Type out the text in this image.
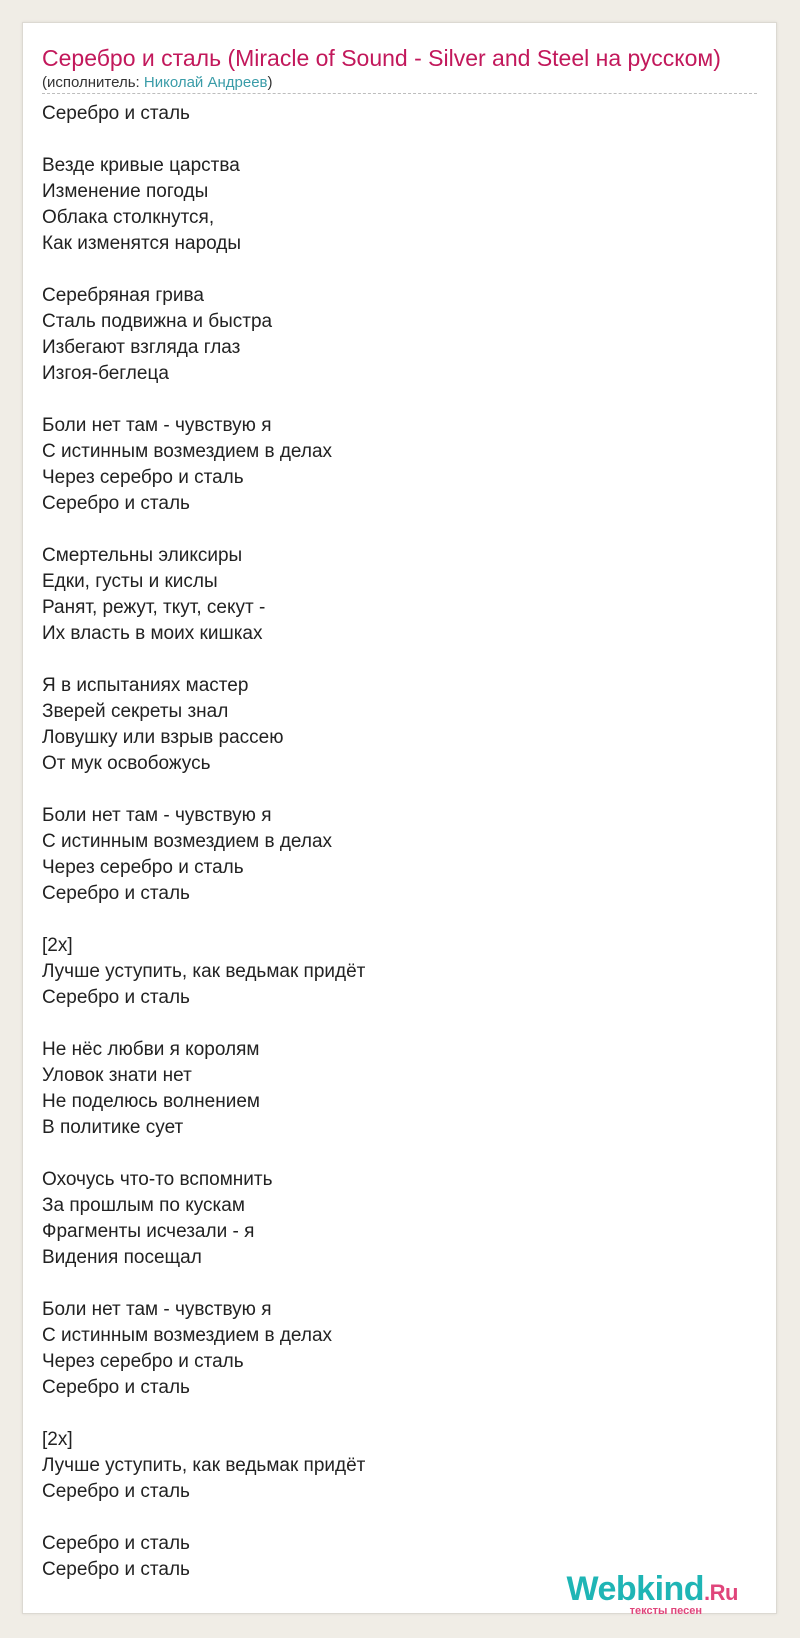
Серебро и сталь (Miracle of Sound - Silver and Steel на русском)
(исполнитель: Николай Андреев)
Серебро и сталь
Везде кривые царства
Изменение погоды
Облака столкнутся,
Как изменятся народы
Серебряная грива
Сталь подвижна и быстра
Избегают взгляда глаз
Изгоя-беглеца
Боли нет там - чувствую я
С истинным возмездием в делах
Через серебро и сталь
Серебро и сталь
Смертельны эликсиры
Едки, густы и кислы
Ранят, режут, ткут, секут -
Их власть в моих кишках
Я в испытаниях мастер
Зверей секреты знал
Ловушку или взрыв рассею
От мук освобожусь
Боли нет там - чувствую я
С истинным возмездием в делах
Через серебро и сталь
Серебро и сталь
[2x]
Лучше уступить, как ведьмак придёт
Серебро и сталь
Не нёс любви я королям
Уловок знати нет
Не поделюсь волнением
В политике сует
Охочусь что-то вспомнить
За прошлым по кускам
Фрагменты исчезали - я
Видения посещал
Боли нет там - чувствую я
С истинным возмездием в делах
Через серебро и сталь
Серебро и сталь
[2x]
Лучше уступить, как ведьмак придёт
Серебро и сталь
Серебро и сталь
Серебро и сталь
Webkind.Ru
тексты песен
